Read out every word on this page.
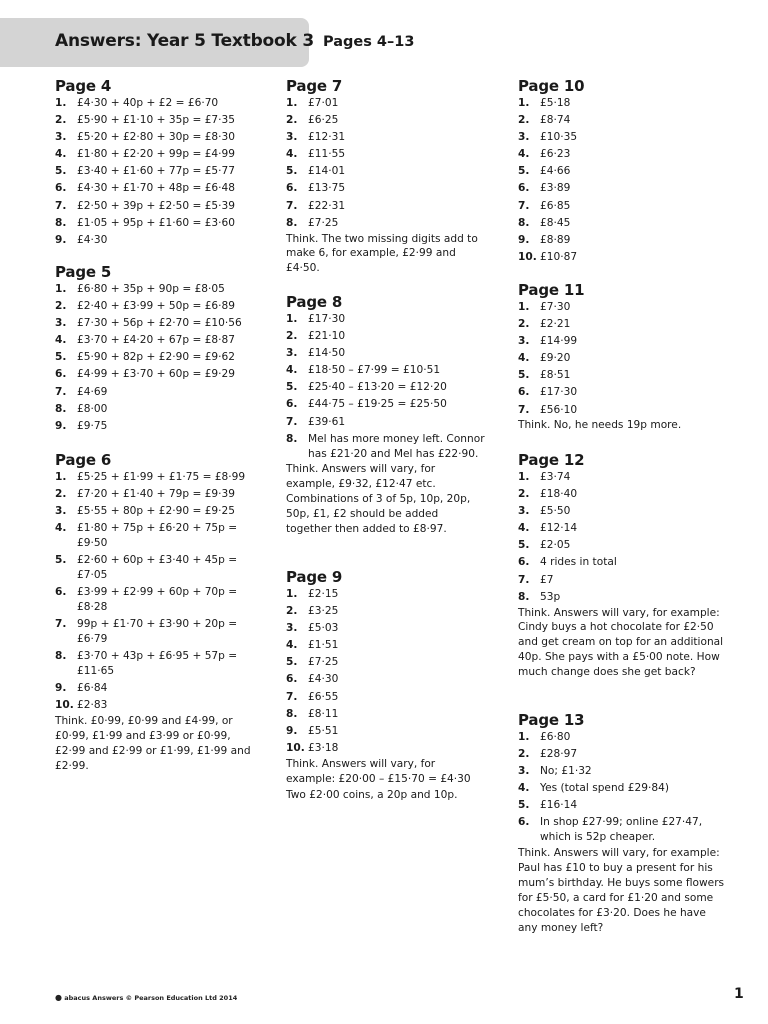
Answers: Year 5 Textbook 3 Pages 4–13
Page 4
1. £4·30 + 40p + £2 = £6·70
2. £5·90 + £1·10 + 35p = £7·35
3. £5·20 + £2·80 + 30p = £8·30
4. £1·80 + £2·20 + 99p = £4·99
5. £3·40 + £1·60 + 77p = £5·77
6. £4·30 + £1·70 + 48p = £6·48
7. £2·50 + 39p + £2·50 = £5·39
8. £1·05 + 95p + £1·60 = £3·60
9. £4·30
Page 5
1. £6·80 + 35p + 90p = £8·05
2. £2·40 + £3·99 + 50p = £6·89
3. £7·30 + 56p + £2·70 = £10·56
4. £3·70 + £4·20 + 67p = £8·87
5. £5·90 + 82p + £2·90 = £9·62
6. £4·99 + £3·70 + 60p = £9·29
7. £4·69
8. £8·00
9. £9·75
Page 6
1. £5·25 + £1·99 + £1·75 = £8·99
2. £7·20 + £1·40 + 79p = £9·39
3. £5·55 + 80p + £2·90 = £9·25
4. £1·80 + 75p + £6·20 + 75p = £9·50
5. £2·60 + 60p + £3·40 + 45p = £7·05
6. £3·99 + £2·99 + 60p + 70p = £8·28
7. 99p + £1·70 + £3·90 + 20p = £6·79
8. £3·70 + 43p + £6·95 + 57p = £11·65
9. £6·84
10. £2·83
Think. £0·99, £0·99 and £4·99, or £0·99, £1·99 and £3·99 or £0·99, £2·99 and £2·99 or £1·99, £1·99 and £2·99.
Page 7
1. £7·01
2. £6·25
3. £12·31
4. £11·55
5. £14·01
6. £13·75
7. £22·31
8. £7·25
Think. The two missing digits add to make 6, for example, £2·99 and £4·50.
Page 8
1. £17·30
2. £21·10
3. £14·50
4. £18·50 – £7·99 = £10·51
5. £25·40 – £13·20 = £12·20
6. £44·75 – £19·25 = £25·50
7. £39·61
8. Mel has more money left. Connor has £21·20 and Mel has £22·90.
Think. Answers will vary, for example, £9·32, £12·47 etc. Combinations of 3 of 5p, 10p, 20p, 50p, £1, £2 should be added together then added to £8·97.
Page 9
1. £2·15
2. £3·25
3. £5·03
4. £1·51
5. £7·25
6. £4·30
7. £6·55
8. £8·11
9. £5·51
10. £3·18
Think. Answers will vary, for example: £20·00 – £15·70 = £4·30
Two £2·00 coins, a 20p and 10p.
Page 10
1. £5·18
2. £8·74
3. £10·35
4. £6·23
5. £4·66
6. £3·89
7. £6·85
8. £8·45
9. £8·89
10. £10·87
Page 11
1. £7·30
2. £2·21
3. £14·99
4. £9·20
5. £8·51
6. £17·30
7. £56·10
Think. No, he needs 19p more.
Page 12
1. £3·74
2. £18·40
3. £5·50
4. £12·14
5. £2·05
6. 4 rides in total
7. £7
8. 53p
Think. Answers will vary, for example: Cindy buys a hot chocolate for £2·50 and get cream on top for an additional 40p. She pays with a £5·00 note. How much change does she get back?
Page 13
1. £6·80
2. £28·97
3. No; £1·32
4. Yes (total spend £29·84)
5. £16·14
6. In shop £27·99; online £27·47, which is 52p cheaper.
Think. Answers will vary, for example: Paul has £10 to buy a present for his mum’s birthday. He buys some flowers for £5·50, a card for £1·20 and some chocolates for £3·20. Does he have any money left?
● abacus Answers © Pearson Education Ltd 2014	1
